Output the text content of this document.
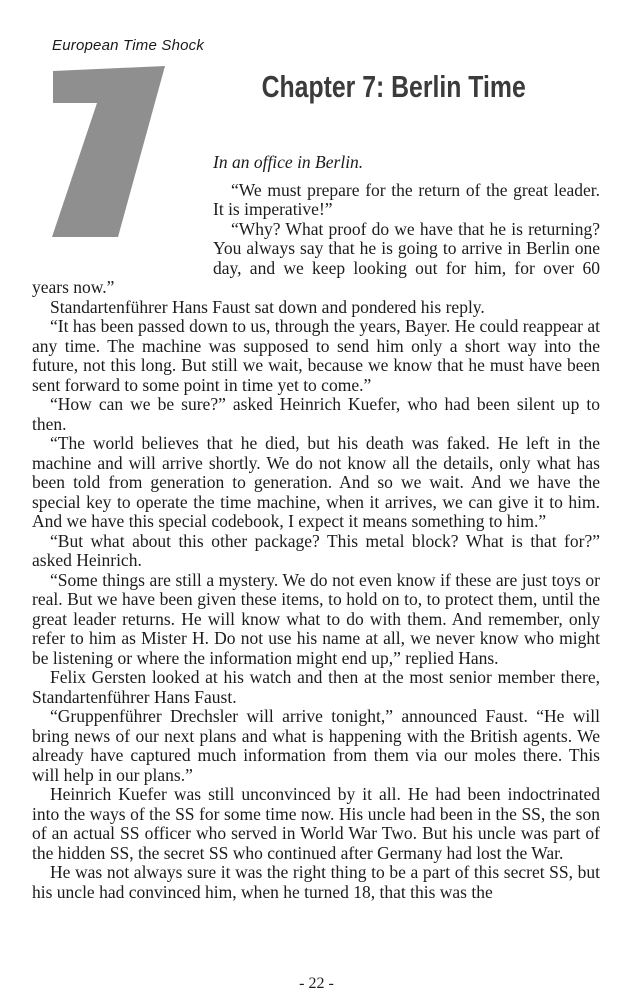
European Time Shock
Chapter 7: Berlin Time

In an office in Berlin.

“We must prepare for the return of the great leader. It is imperative!”

“Why? What proof do we have that he is returning? You always say that he is going to arrive in Berlin one day, and we keep looking out for him, for over 60 years now.”

Standartenführer Hans Faust sat down and pondered his reply.

“It has been passed down to us, through the years, Bayer. He could reappear at any time. The machine was supposed to send him only a short way into the future, not this long. But still we wait, because we know that he must have been sent forward to some point in time yet to come.”

“How can we be sure?” asked Heinrich Kuefer, who had been silent up to then.

“The world believes that he died, but his death was faked. He left in the machine and will arrive shortly. We do not know all the details, only what has been told from generation to generation. And so we wait. And we have the special key to operate the time machine, when it arrives, we can give it to him. And we have this special codebook, I expect it means something to him.”

“But what about this other package? This metal block? What is that for?” asked Heinrich.

“Some things are still a mystery. We do not even know if these are just toys or real. But we have been given these items, to hold on to, to protect them, until the great leader returns. He will know what to do with them. And remember, only refer to him as Mister H. Do not use his name at all, we never know who might be listening or where the information might end up,” replied Hans.

Felix Gersten looked at his watch and then at the most senior member there, Standartenführer Hans Faust.

“Gruppenführer Drechsler will arrive tonight,” announced Faust. “He will bring news of our next plans and what is happening with the British agents. We already have captured much information from them via our moles there. This will help in our plans.”

Heinrich Kuefer was still unconvinced by it all. He had been indoctrinated into the ways of the SS for some time now. His uncle had been in the SS, the son of an actual SS officer who served in World War Two. But his uncle was part of the hidden SS, the secret SS who continued after Germany had lost the War.

He was not always sure it was the right thing to be a part of this secret SS, but his uncle had convinced him, when he turned 18, that this was the

- 22 -
